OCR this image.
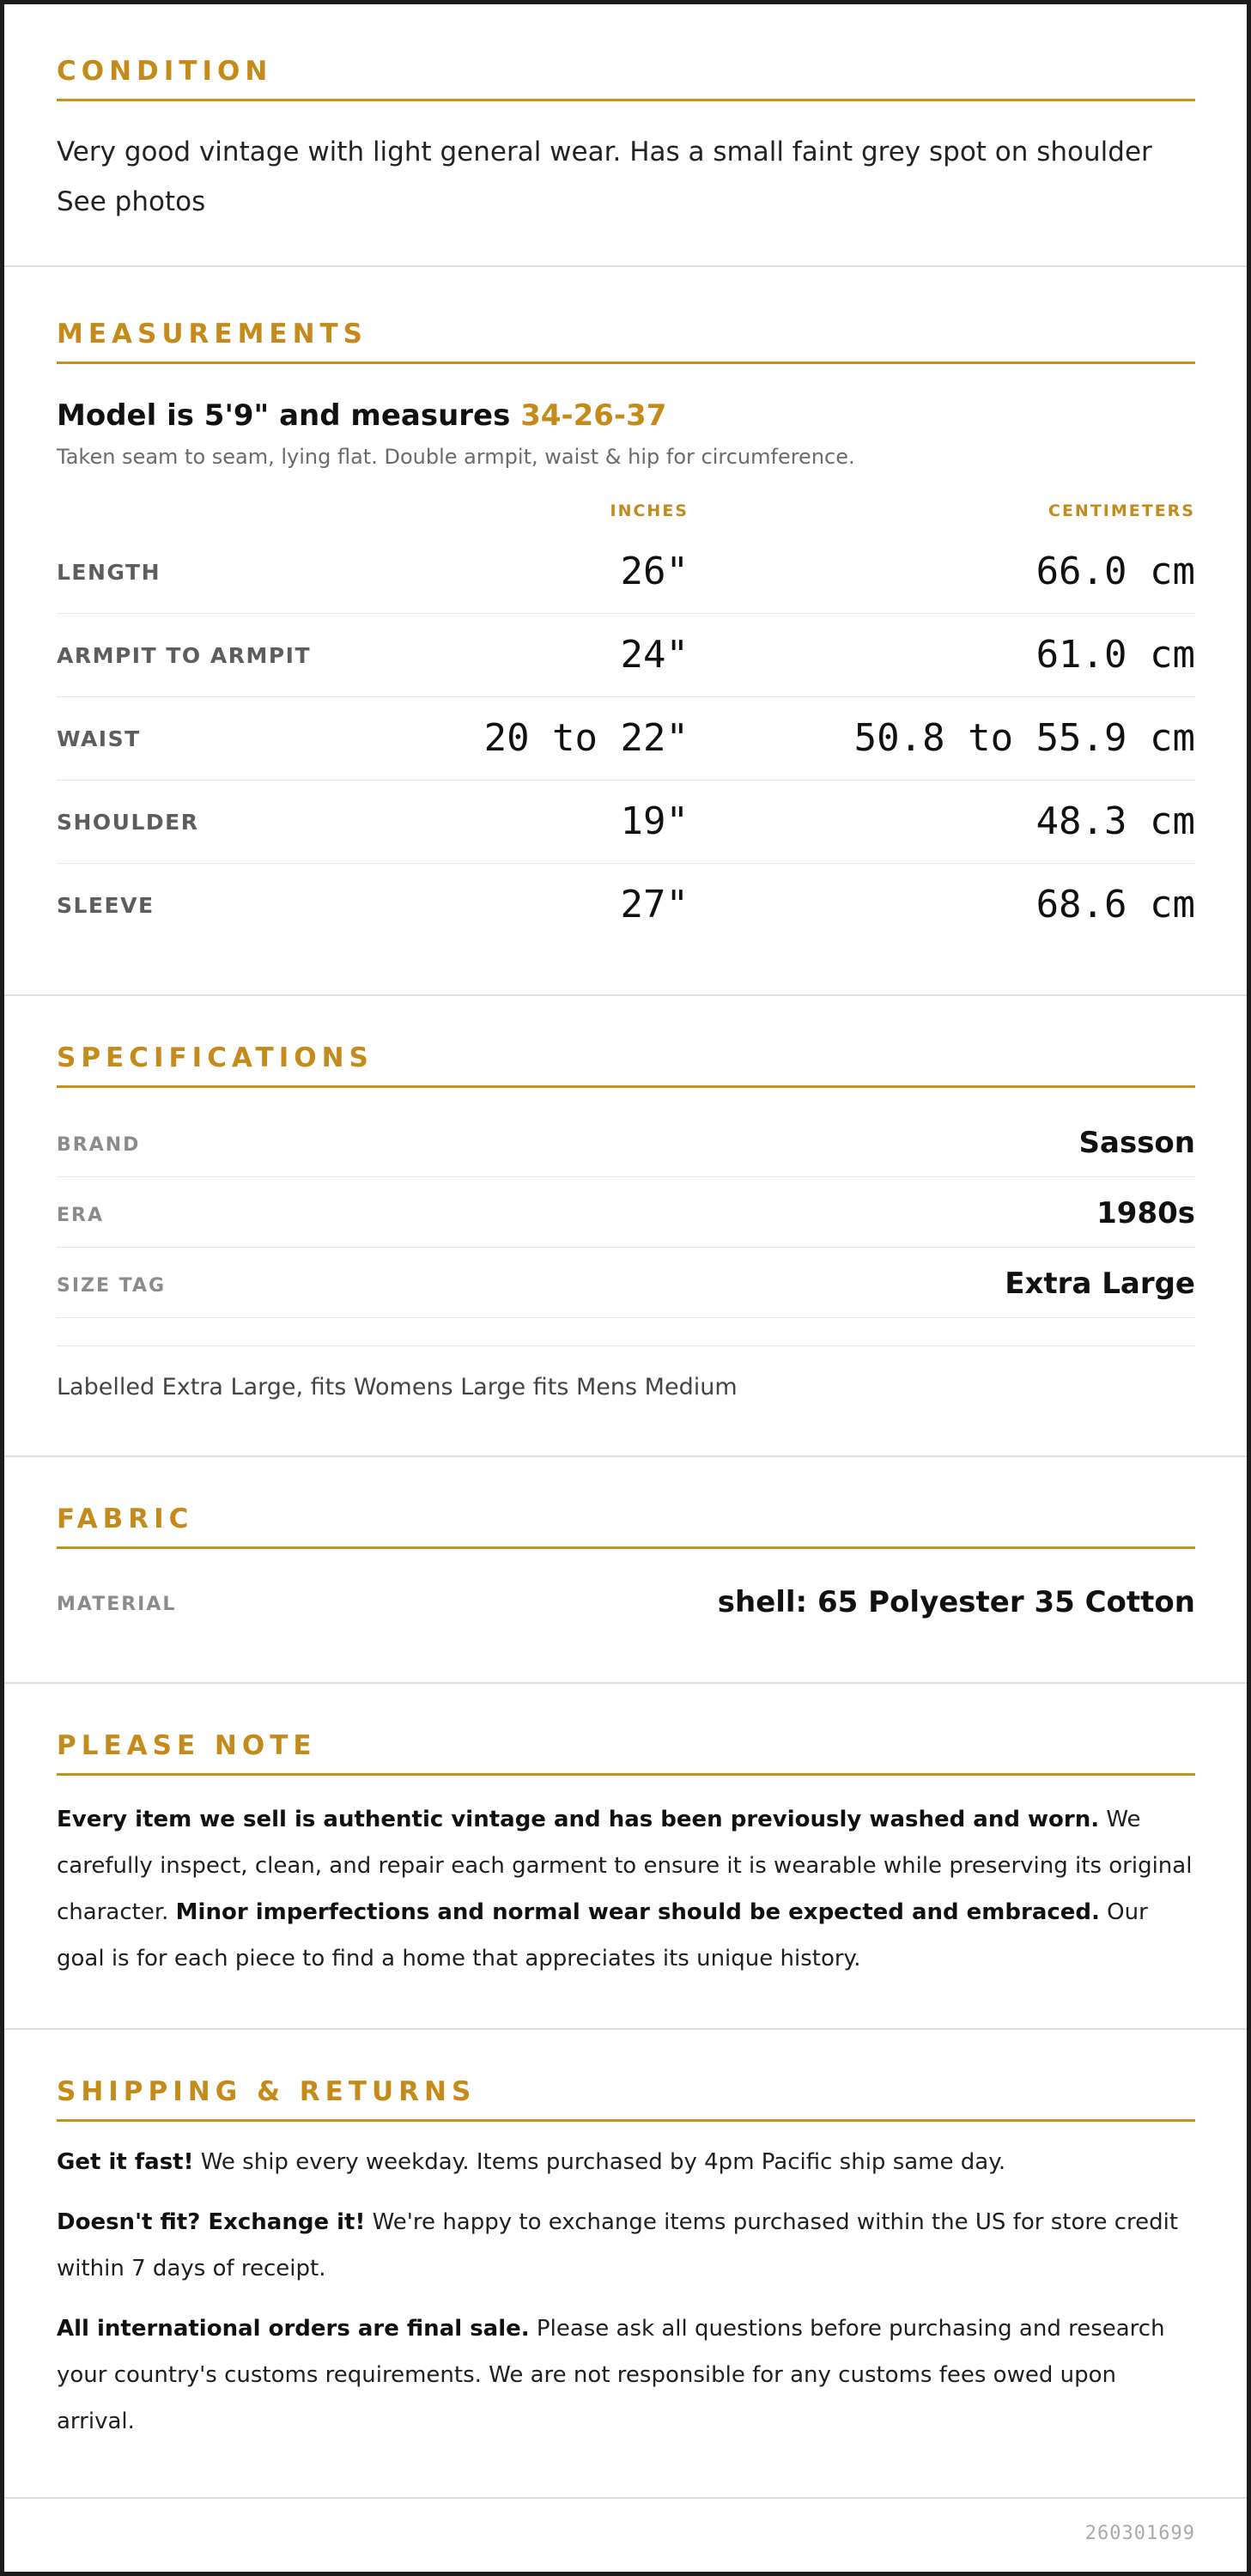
CONDITION

Very good vintage with light general wear. Has a small faint grey spot on shoulder
See photos

MEASUREMENTS
Model is 5'9" and measures 34-26-37
Taken seam to seam, lying flat. Double armpit, waist & hip for circumference.
INCHES	CENTIMETERS
LENGTH	26"	66.0 cm
ARMPIT TO ARMPIT	24"	61.0 cm
WAIST	20 to 22"	50.8 to 55.9 cm
SHOULDER	19"	48.3 cm
SLEEVE	27"	68.6 cm
SPECIFICATIONS
BRAND	Sasson
ERA	1980s
SIZE TAG	Extra Large
Labelled Extra Large, fits Womens Large fits Mens Medium
FABRIC
MATERIAL	shell: 65 Polyester 35 Cotton
PLEASE NOTE

Every item we sell is authentic vintage and has been previously washed and worn. We carefully inspect, clean, and repair each garment to ensure it is wearable while preserving its original character. Minor imperfections and normal wear should be expected and embraced. Our goal is for each piece to find a home that appreciates its unique history.

SHIPPING & RETURNS

Get it fast! We ship every weekday. Items purchased by 4pm Pacific ship same day.

Doesn't fit? Exchange it! We're happy to exchange items purchased within the US for store credit within 7 days of receipt.

All international orders are final sale. Please ask all questions before purchasing and research your country's customs requirements. We are not responsible for any customs fees owed upon arrival.

260301699
